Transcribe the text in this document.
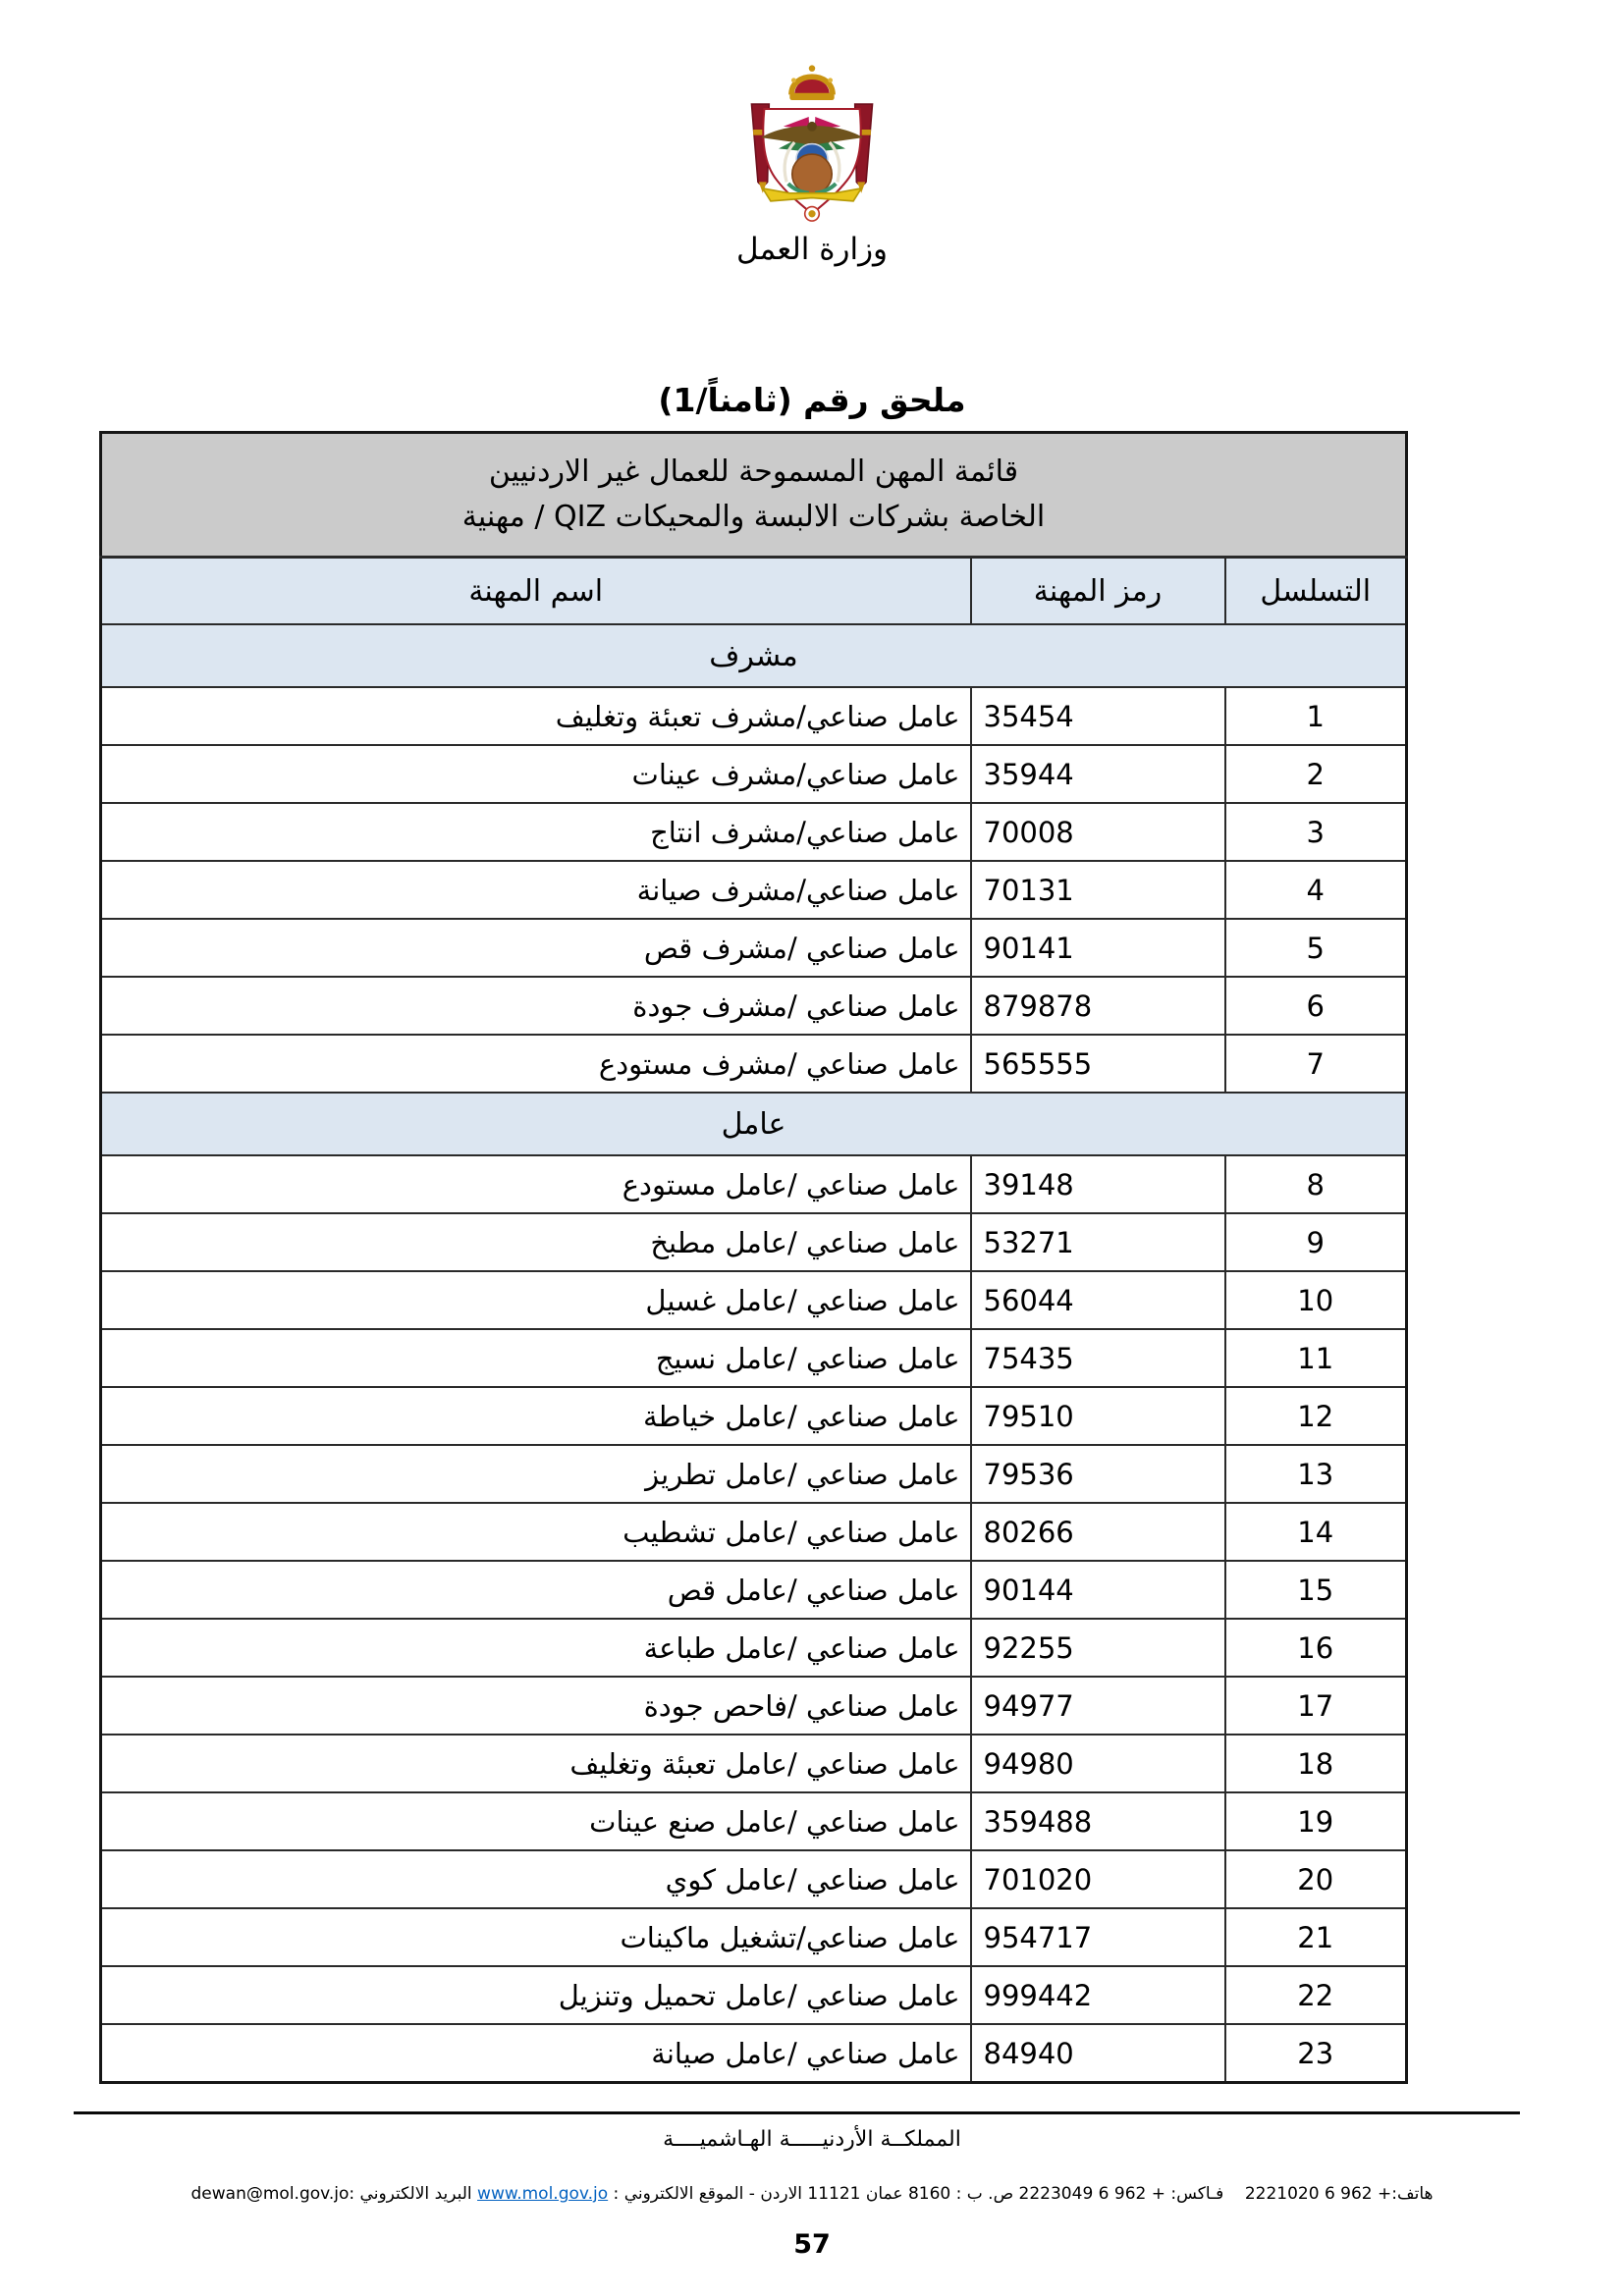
وزارة العمل
ملحق رقم (ثامناً/1)
قائمة المهن المسموحة للعمال غير الاردنيين
الخاصة بشركات الالبسة والمحيكات QIZ / مهنية		

التسلسل	رمز المهنة	اسم المهنة
مشرف		
1	35454	عامل صناعي/مشرف تعبئة وتغليف
2	35944	عامل صناعي/مشرف عينات
3	70008	عامل صناعي/مشرف انتاج
4	70131	عامل صناعي/مشرف صيانة
5	90141	عامل صناعي /مشرف قص
6	879878	عامل صناعي /مشرف جودة
7	565555	عامل صناعي /مشرف مستودع
عامل		
8	39148	عامل صناعي /عامل مستودع
9	53271	عامل صناعي /عامل مطبخ
10	56044	عامل صناعي /عامل غسيل
11	75435	عامل صناعي /عامل نسيج
12	79510	عامل صناعي /عامل خياطة
13	79536	عامل صناعي /عامل تطريز
14	80266	عامل صناعي /عامل تشطيب
15	90144	عامل صناعي /عامل قص
16	92255	عامل صناعي /عامل طباعة
17	94977	عامل صناعي /فاحص جودة
18	94980	عامل صناعي /عامل تعبئة وتغليف
19	359488	عامل صناعي /عامل صنع عينات
20	701020	عامل صناعي /عامل كوي
21	954717	عامل صناعي/تشغيل ماكينات
22	999442	عامل صناعي /عامل تحميل وتنزيل
23	84940	عامل صناعي /عامل صيانة
المملكــة الأردنيـــــة الهـاشميــــة
هاتف:+ 962 6 2221020    فـاكس: + 962 6 2223049 ص. ب : 8160 عمان 11121 الاردن - الموقع الالكتروني : www.mol.gov.jo البريد الالكتروني :dewan@mol.gov.jo
57
